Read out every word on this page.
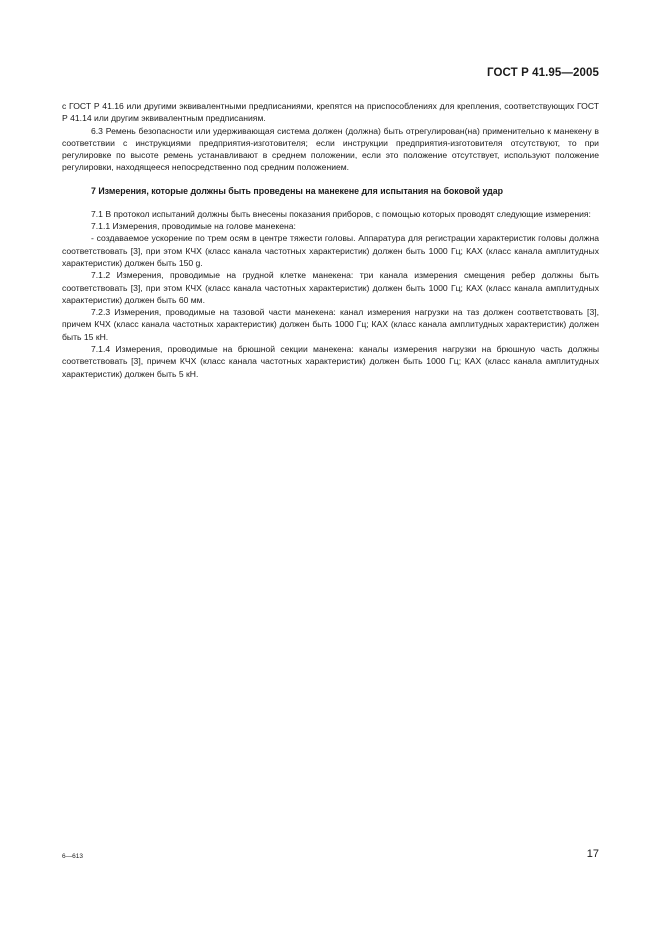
ГОСТ Р 41.95—2005

с ГОСТ Р 41.16 или другими эквивалентными предписаниями, крепятся на приспособлениях для крепления, соответствующих ГОСТ Р 41.14 или другим эквивалентным предписаниям.

6.3 Ремень безопасности или удерживающая система должен (должна) быть отрегулирован(на) применительно к манекену в соответствии с инструкциями предприятия-изготовителя; если инструкции предприятия-изготовителя отсутствуют, то при регулировке по высоте ремень устанавливают в среднем положении, если это положение отсутствует, используют положение регулировки, находящееся непосредственно под средним положением.

7 Измерения, которые должны быть проведены на манекене для испытания на боковой удар

7.1 В протокол испытаний должны быть внесены показания приборов, с помощью которых проводят следующие измерения:

7.1.1 Измерения, проводимые на голове манекена:

- создаваемое ускорение по трем осям в центре тяжести головы. Аппаратура для регистрации характеристик головы должна соответствовать [3], при этом КЧХ (класс канала частотных характеристик) должен быть 1000 Гц; КАХ (класс канала амплитудных характеристик) должен быть 150 g.

7.1.2 Измерения, проводимые на грудной клетке манекена: три канала измерения смещения ребер должны быть соответствовать [3], при этом КЧХ (класс канала частотных характеристик) должен быть 1000 Гц; КАХ (класс канала амплитудных характеристик) должен быть 60 мм.

7.2.3 Измерения, проводимые на тазовой части манекена: канал измерения нагрузки на таз должен соответствовать [3], причем КЧХ (класс канала частотных характеристик) должен быть 1000 Гц; КАХ (класс канала амплитудных характеристик) должен быть 15 кН.

7.1.4 Измерения, проводимые на брюшной секции манекена: каналы измерения нагрузки на брюшную часть должны соответствовать [3], причем КЧХ (класс канала частотных характеристик) должен быть 1000 Гц; КАХ (класс канала амплитудных характеристик) должен быть 5 кН.

6—613	17
